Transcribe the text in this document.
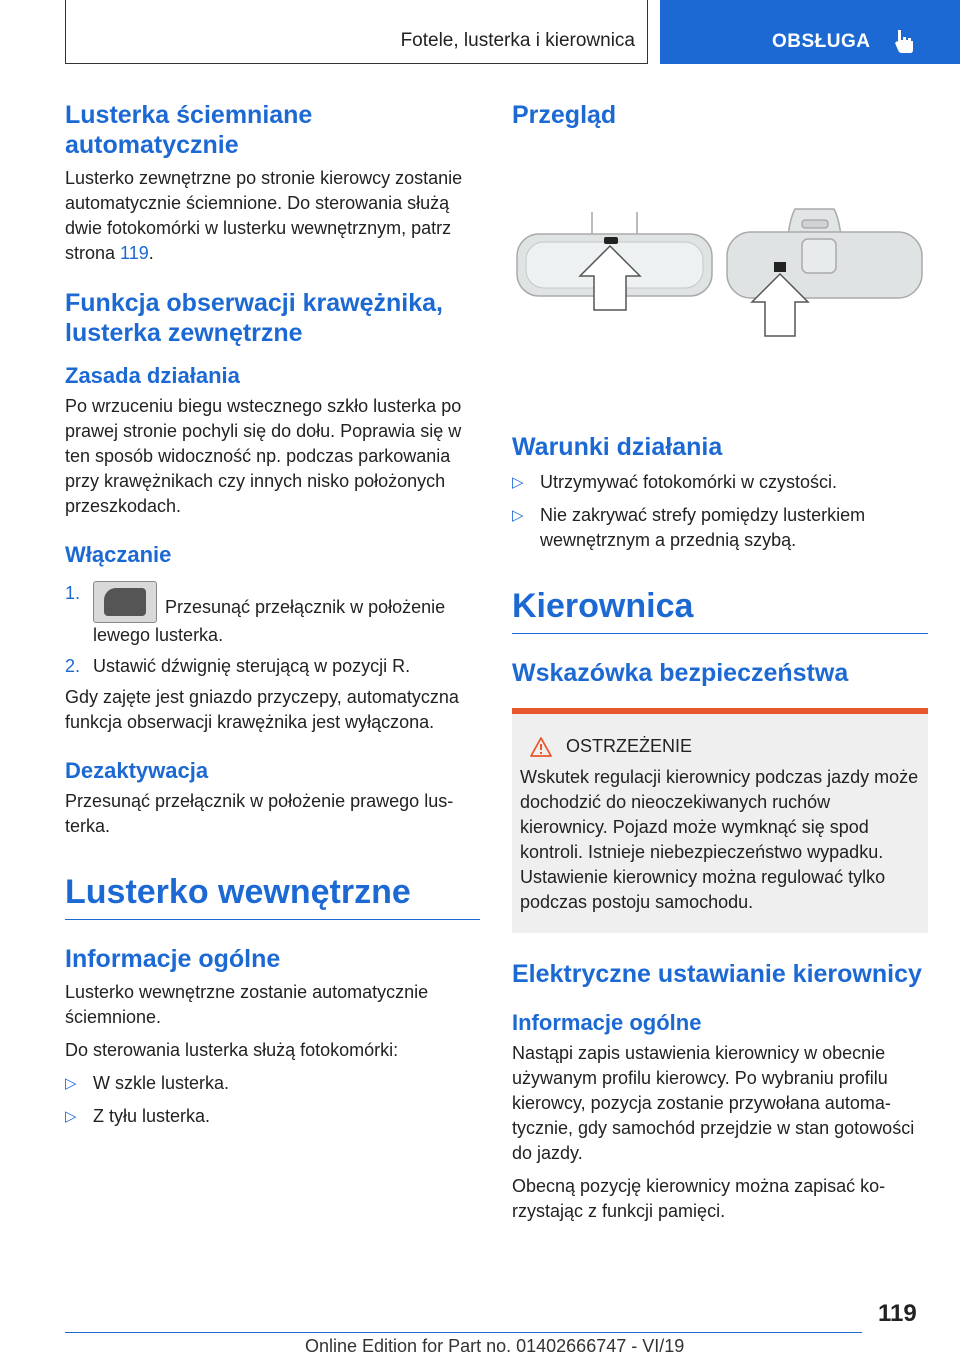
Fotele, lusterka i kierownica	OBSŁUGA
Lusterka ściemniane automatycznie

Lusterko zewnętrzne po stronie kierowcy zostanie automatycznie ściemnione. Do sterowania służą dwie fotokomórki w lusterku wewnętrznym, patrz strona 119.

Funkcja obserwacji krawężnika, lusterka zewnętrzne
Zasada działania

Po wrzuceniu biegu wstecznego szkło lusterka po prawej stronie pochyli się do dołu. Poprawia się w ten sposób widoczność np. podczas parkowania przy krawężnikach czy innych nisko położonych przeszkodach.

Włączanie
1.
Przesunąć przełącznik w położenie lewego lusterka.
2. Ustawić dźwignię sterującą w pozycji R.

Gdy zajęte jest gniazdo przyczepy, automatyczna funkcja obserwacji krawężnika jest wyłączona.

Dezaktywacja

Przesunąć przełącznik w położenie prawego lusterka.

Lusterko wewnętrzne
Informacje ogólne

Lusterko wewnętrzne zostanie automatycznie ściemnione.

Do sterowania lusterka służą fotokomórki:

▷ W szkle lusterka.
▷ Z tyłu lusterka.
Przegląd
Warunki działania
▷ Utrzymywać fotokomórki w czystości.
▷ Nie zakrywać strefy pomiędzy lusterkiem wewnętrznym a przednią szybą.
Kierownica
Wskazówka bezpieczeństwa
OSTRZEŻENIE

Wskutek regulacji kierownicy podczas jazdy może dochodzić do nieoczekiwanych ruchów kierownicy. Pojazd może wymknąć się spod kontroli. Istnieje niebezpieczeństwo wypadku. Ustawienie kierownicy można regulować tylko podczas postoju samochodu.

Elektryczne ustawianie kierownicy
Informacje ogólne

Nastąpi zapis ustawienia kierownicy w obecnie używanym profilu kierowcy. Po wybraniu profilu kierowcy, pozycja zostanie przywołana automatycznie, gdy samochód przejdzie w stan gotowości do jazdy.

Obecną pozycję kierownicy można zapisać korzystając z funkcji pamięci.

119
Online Edition for Part no. 01402666747 - VI/19
